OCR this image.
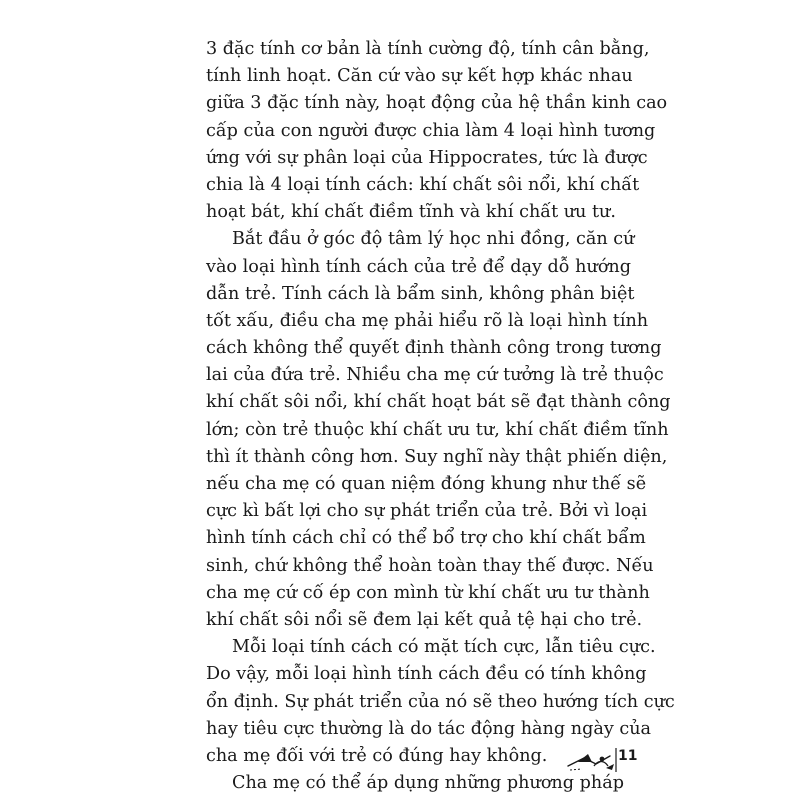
3 đặc tính cơ bản là tính cường độ, tính cân bằng,
tính linh hoạt. Căn cứ vào sự kết hợp khác nhau
giữa 3 đặc tính này, hoạt động của hệ thần kinh cao
cấp của con người được chia làm 4 loại hình tương
ứng với sự phân loại của Hippocrates, tức là được
chia là 4 loại tính cách: khí chất sôi nổi, khí chất
hoạt bát, khí chất điềm tĩnh và khí chất ưu tư.
Bắt đầu ở góc độ tâm lý học nhi đồng, căn cứ
vào loại hình tính cách của trẻ để dạy dỗ hướng
dẫn trẻ. Tính cách là bẩm sinh, không phân biệt
tốt xấu, điều cha mẹ phải hiểu rõ là loại hình tính
cách không thể quyết định thành công trong tương
lai của đứa trẻ. Nhiều cha mẹ cứ tưởng là trẻ thuộc
khí chất sôi nổi, khí chất hoạt bát sẽ đạt thành công
lớn; còn trẻ thuộc khí chất ưu tư, khí chất điềm tĩnh
thì ít thành công hơn. Suy nghĩ này thật phiến diện,
nếu cha mẹ có quan niệm đóng khung như thế sẽ
cực kì bất lợi cho sự phát triển của trẻ. Bởi vì loại
hình tính cách chỉ có thể bổ trợ cho khí chất bẩm
sinh, chứ không thể hoàn toàn thay thế được. Nếu
cha mẹ cứ cố ép con mình từ khí chất ưu tư thành
khí chất sôi nổi sẽ đem lại kết quả tệ hại cho trẻ.
Mỗi loại tính cách có mặt tích cực, lẫn tiêu cực.
Do vậy, mỗi loại hình tính cách đều có tính không
ổn định. Sự phát triển của nó sẽ theo hướng tích cực
hay tiêu cực thường là do tác động hàng ngày của
cha mẹ đối với trẻ có đúng hay không.
Cha mẹ có thể áp dụng những phương pháp
11
